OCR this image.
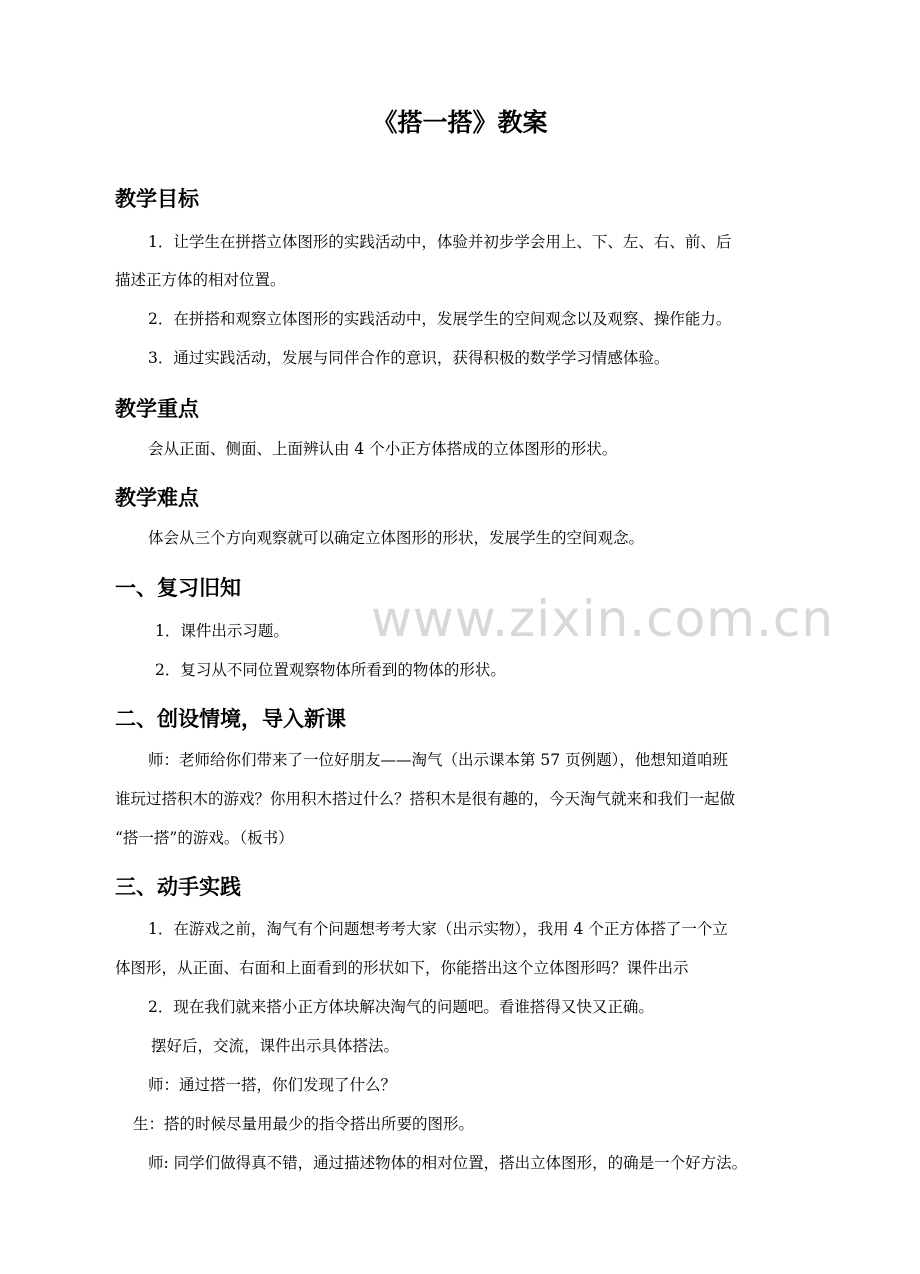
www.zixin.com.cn
《搭一搭》教案
教学目标

1．让学生在拼搭立体图形的实践活动中，体验并初步学会用上、下、左、右、前、后

描述正方体的相对位置。

2．在拼搭和观察立体图形的实践活动中，发展学生的空间观念以及观察、操作能力。

3．通过实践活动，发展与同伴合作的意识，获得积极的数学学习情感体验。

教学重点

会从正面、侧面、上面辨认由 4 个小正方体搭成的立体图形的形状。

教学难点

体会从三个方向观察就可以确定立体图形的形状，发展学生的空间观念。

一、复习旧知

1．课件出示习题。

2．复习从不同位置观察物体所看到的物体的形状。

二、创设情境，导入新课

师：老师给你们带来了一位好朋友——淘气（出示课本第 57 页例题），他想知道咱班

谁玩过搭积木的游戏？你用积木搭过什么？搭积木是很有趣的，今天淘气就来和我们一起做

“搭一搭”的游戏。（板书）

三、动手实践

1．在游戏之前，淘气有个问题想考考大家（出示实物），我用 4 个正方体搭了一个立

体图形，从正面、右面和上面看到的形状如下，你能搭出这个立体图形吗？课件出示

2．现在我们就来搭小正方体块解决淘气的问题吧。看谁搭得又快又正确。

摆好后，交流，课件出示具体搭法。

师：通过搭一搭，你们发现了什么？

生：搭的时候尽量用最少的指令搭出所要的图形。

师: 同学们做得真不错，通过描述物体的相对位置，搭出立体图形，的确是一个好方法。
